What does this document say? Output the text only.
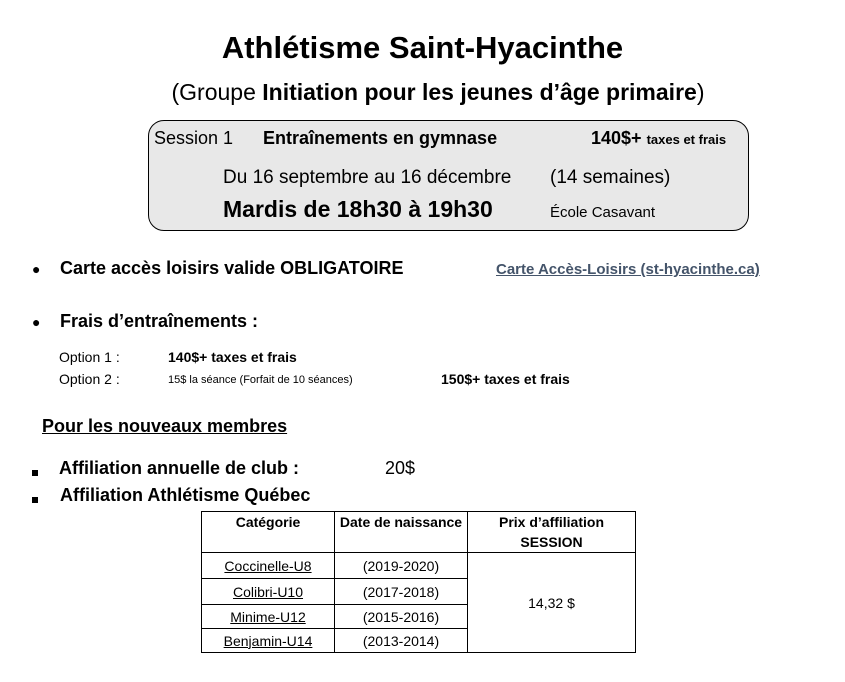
Athlétisme Saint-Hyacinthe
(Groupe Initiation pour les jeunes d’âge primaire)
Session 1 Entraînements en gymnase	140$+ taxes et frais
Du 16 septembre au 16 décembre (14 semaines)
Mardis de 18h30 à 19h30	École Casavant
● Carte accès loisirs valide OBLIGATOIRE	Carte Accès-Loisirs (st-hyacinthe.ca)
● Frais d’entraînements :
Option 1 :	140$+ taxes et frais
Option 2 :	15$ la séance (Forfait de 10 séances)	150$+ taxes et frais
Pour les nouveaux membres
Affiliation annuelle de club :	20$
Affiliation Athlétisme Québec
Catégorie	Date de naissance	Prix d’affiliation SESSION
Coccinelle-U8	(2019-2020)	14,32 $
Colibri-U10	(2017-2018)	
Minime-U12	(2015-2016)	
Benjamin-U14	(2013-2014)	
